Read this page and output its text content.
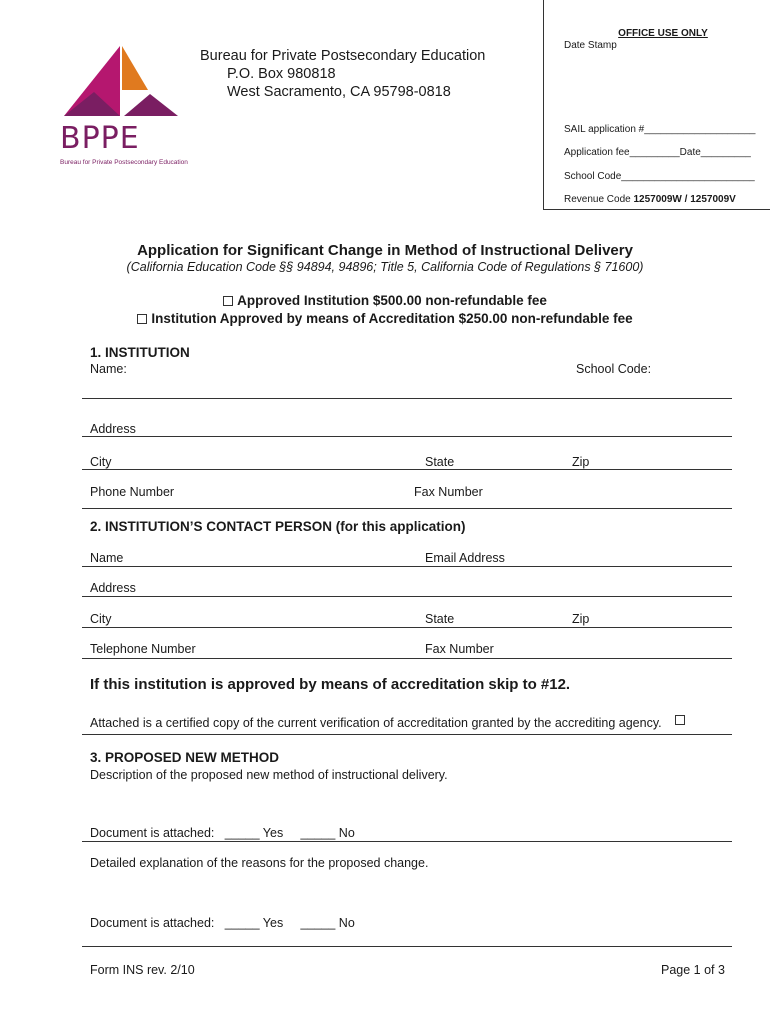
BPPE
Bureau for Private Postsecondary Education
Bureau for Private Postsecondary Education
P.O. Box 980818
West Sacramento, CA 95798-0818
OFFICE USE ONLY
Date Stamp
SAIL application #____________________
Application fee_________Date_________
School Code________________________
Revenue Code 1257009W / 1257009V
Application for Significant Change in Method of Instructional Delivery
(California Education Code §§ 94894, 94896; Title 5, California Code of Regulations § 71600)
Approved Institution $500.00 non-refundable fee
Institution Approved by means of Accreditation $250.00 non-refundable fee
1. INSTITUTION
Name:	School Code:
Address
City	State	Zip
Phone Number	Fax Number
2. INSTITUTION’S CONTACT PERSON (for this application)
Name	Email Address
Address
City	State	Zip
Telephone Number	Fax Number
If this institution is approved by means of accreditation skip to #12.
Attached is a certified copy of the current verification of accreditation granted by the accrediting agency.
3. PROPOSED NEW METHOD
Description of the proposed new method of instructional delivery.
Document is attached:   _____ Yes     _____ No
Detailed explanation of the reasons for the proposed change.
Document is attached:   _____ Yes     _____ No
Form INS rev. 2/10	Page 1 of 3
